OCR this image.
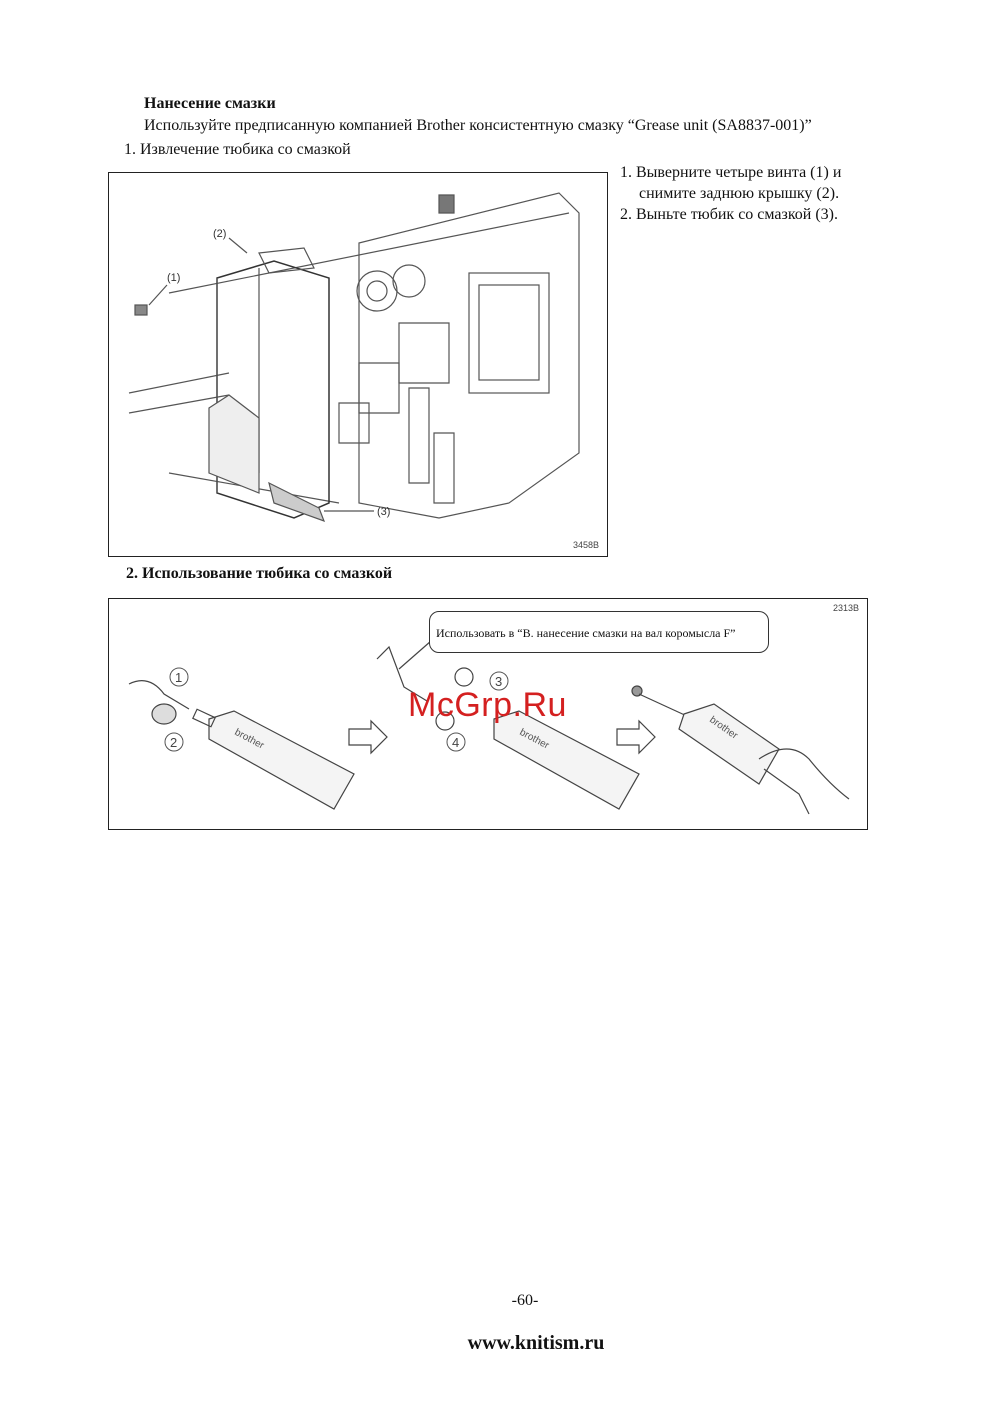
Нанесение смазки
Используйте предписанную компанией Brother консистентную смазку “Grease unit (SA8837-001)”
1. Извлечение тюбика со смазкой
1. Выверните четыре винта (1) и
снимите заднюю крышку (2).
2. Выньте тюбик со смазкой (3).
(1)
(2)
(3)
3458B
2. Использование тюбика со смазкой
1
2
3
4
brother	brother	brother
Использовать в “B. нанесение смазки на вал коромысла F”
2313B
McGrp.Ru
-60-
www.knitism.ru
